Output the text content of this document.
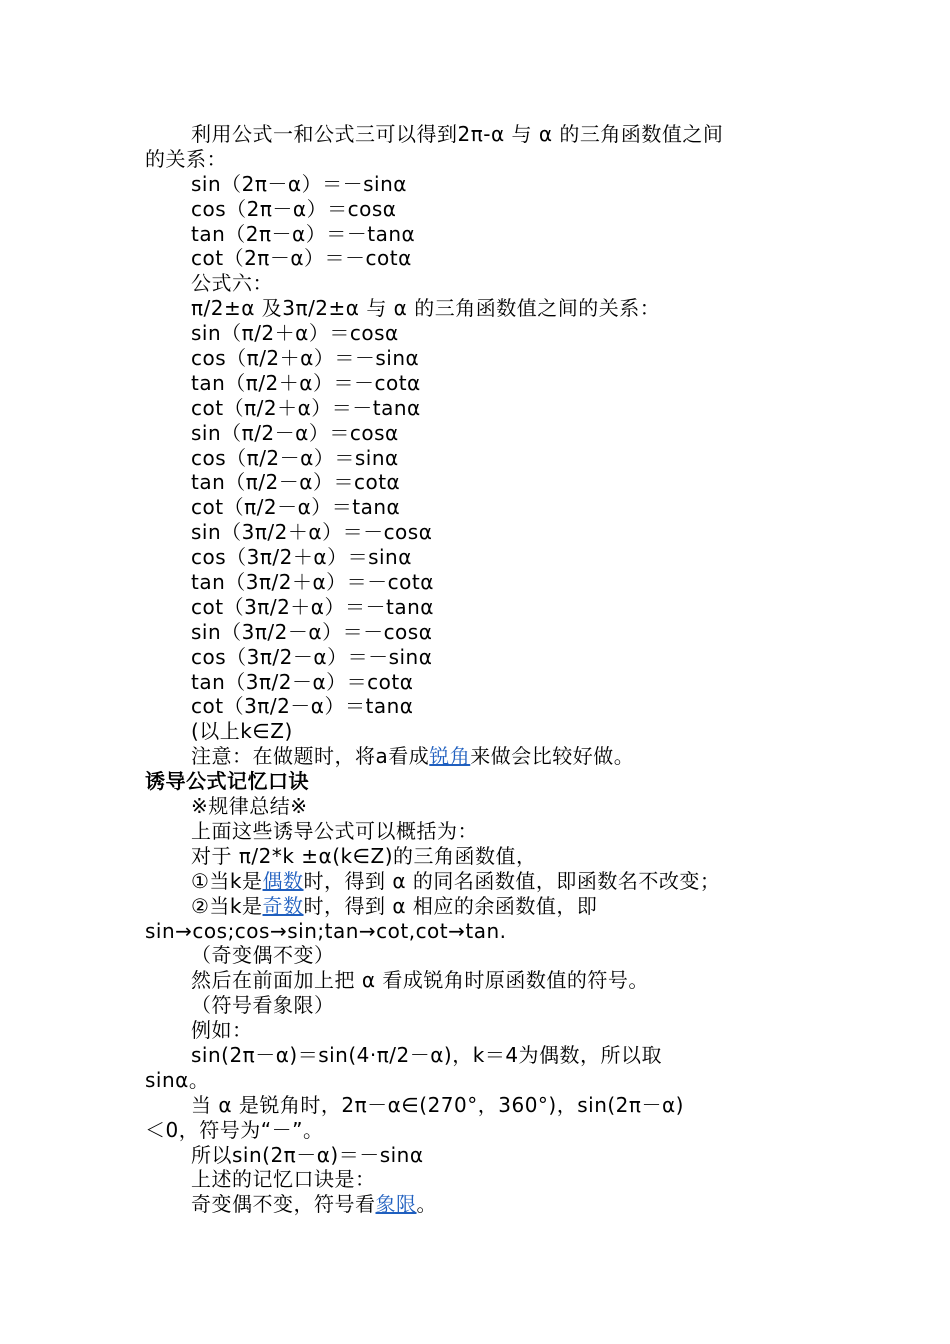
利用公式一和公式三可以得到2π-α 与 α 的三角函数值之间
的关系：
sin（2π－α）＝－sinα
cos（2π－α）＝cosα
tan（2π－α）＝－tanα
cot（2π－α）＝－cotα
公式六：
π/2±α 及3π/2±α 与 α 的三角函数值之间的关系：
sin（π/2＋α）＝cosα
cos（π/2＋α）＝－sinα
tan（π/2＋α）＝－cotα
cot（π/2＋α）＝－tanα
sin（π/2－α）＝cosα
cos（π/2－α）＝sinα
tan（π/2－α）＝cotα
cot（π/2－α）＝tanα
sin（3π/2＋α）＝－cosα
cos（3π/2＋α）＝sinα
tan（3π/2＋α）＝－cotα
cot（3π/2＋α）＝－tanα
sin（3π/2－α）＝－cosα
cos（3π/2－α）＝－sinα
tan（3π/2－α）＝cotα
cot（3π/2－α）＝tanα
(以上k∈Z)
注意：在做题时，将a看成锐角来做会比较好做。
诱导公式记忆口诀
※规律总结※
上面这些诱导公式可以概括为：
对于 π/2*k ±α(k∈Z)的三角函数值，
①当k是偶数时，得到 α 的同名函数值，即函数名不改变；
②当k是奇数时，得到 α 相应的余函数值，即
sin→cos;cos→sin;tan→cot,cot→tan.
（奇变偶不变）
然后在前面加上把 α 看成锐角时原函数值的符号。
（符号看象限）
例如：
sin(2π－α)＝sin(4·π/2－α)，k＝4为偶数，所以取
sinα。
当 α 是锐角时，2π－α∈(270°，360°)，sin(2π－α)
＜0，符号为“－”。
所以sin(2π－α)＝－sinα
上述的记忆口诀是：
奇变偶不变，符号看象限。
